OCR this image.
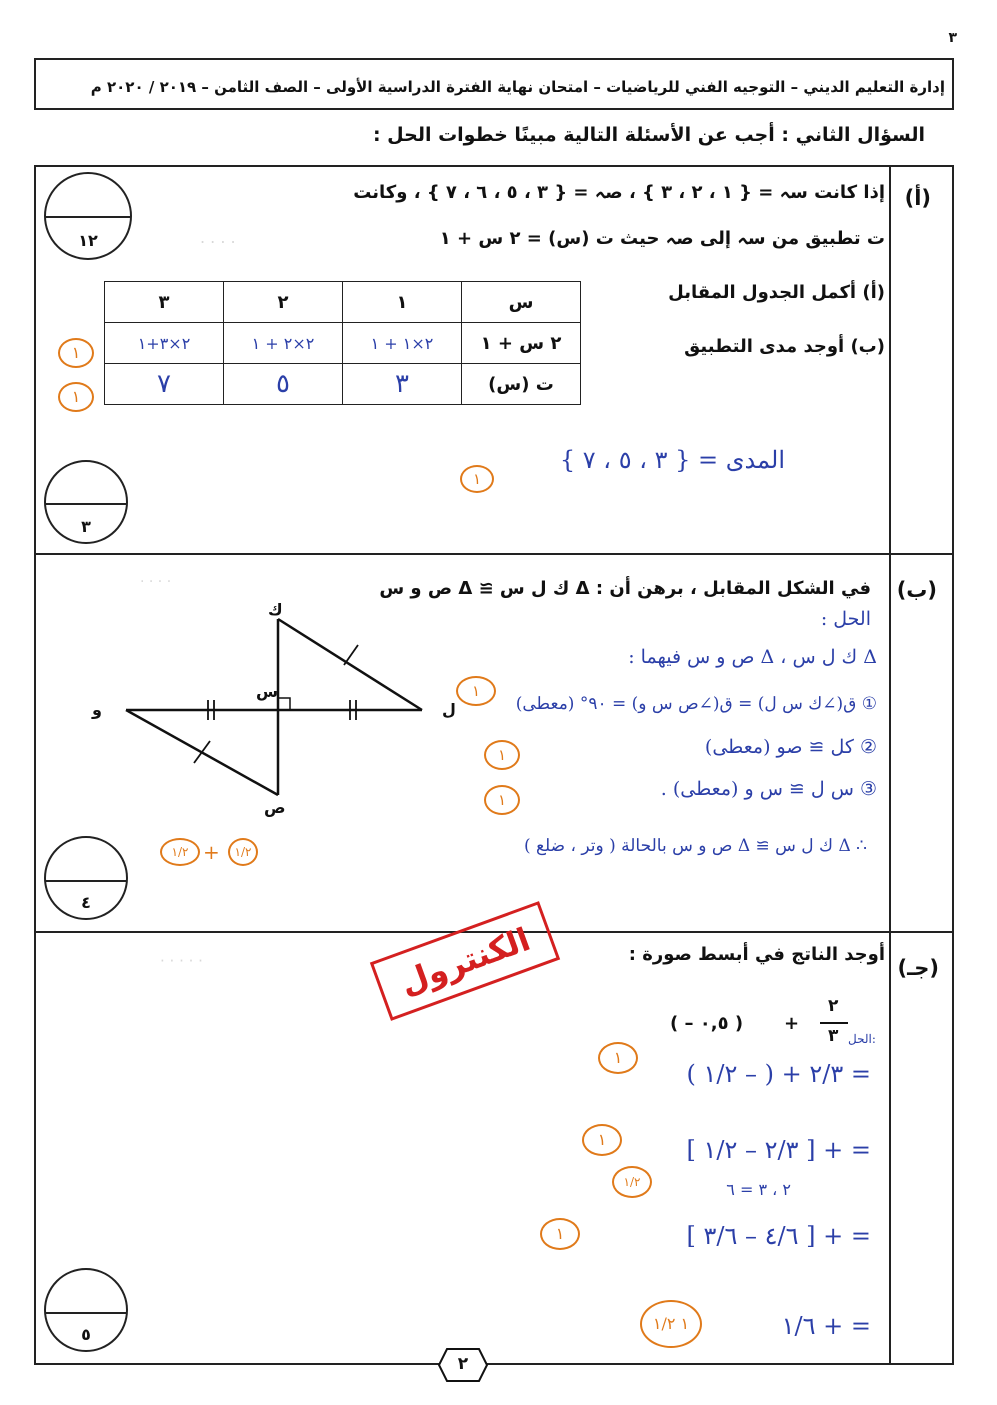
٣
إدارة التعليم الديني – التوجيه الفني للرياضيات – امتحان نهاية الفترة الدراسية الأولى – الصف الثامن – ٢٠١٩ / ٢٠٢٠ م
السؤال الثاني : أجب عن الأسئلة التالية مبينًا خطوات الحل :
(أ)
إذا كانت سہ = { ١ ، ٢ ، ٣ } ، صہ = { ٣ ، ٥ ، ٦ ، ٧ } ، وكانت
ت تطبيق من سہ إلى صہ حيث ت (س) = ٢ س + ١
(أ) أكمل الجدول المقابل
(ب) أوجد مدى التطبيق
١٢
س	١	٢	٣
٢ س + ١	٢×١ + ١	٢×٢ + ١	٢×٣+١
ت (س)	٣	٥	٧
١
١
المدى = { ٣ ، ٥ ، ٧ }
١
. . . .
٣
(ب)
في الشكل المقابل ، برهن أن : Δ ك ل س ≅ Δ ص و س
· · · ·
ك
ل
س
و
ص
الحل :
Δ ك ل س ، Δ ص و س فيهما :
① ق(∠ك س ل) = ق(∠ص س و) = ٩٠° (معطى)
② كل ≅ صو (معطى)
③ س ل ≅ س و (معطى) .
∴ Δ ك ل س ≅ Δ ص و س بالحالة ( وتر ، ضلع )
١
١
١
١/٢
+
١/٢
٤
(جـ)
أوجد الناتج في أبسط صورة :
· · · · ·
( – ٠,٥ ) +
٢
٣ الحل:
الكنترول
= ٢/٣ + ( – ١/٢ )
= + [ ٢/٣ – ١/٢ ]
٢ ، ٣ = ٦
= + [ ٤/٦ – ٣/٦ ]
= + ١/٦
١
١
١/٢
١
١ ١/٢
٥
٢
